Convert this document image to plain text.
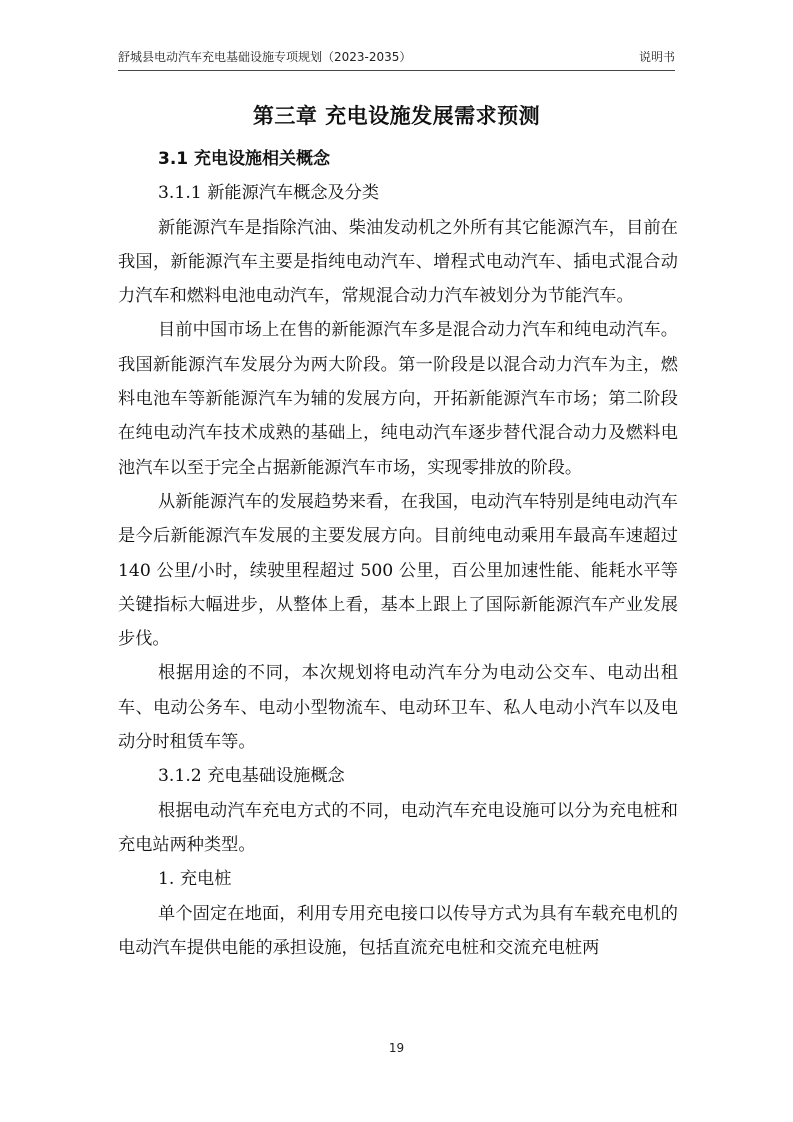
舒城县电动汽车充电基础设施专项规划（2023-2035）	说明书
第三章 充电设施发展需求预测

3.1 充电设施相关概念

3.1.1 新能源汽车概念及分类

新能源汽车是指除汽油、柴油发动机之外所有其它能源汽车，目前在我国，新能源汽车主要是指纯电动汽车、增程式电动汽车、插电式混合动力汽车和燃料电池电动汽车，常规混合动力汽车被划分为节能汽车。

目前中国市场上在售的新能源汽车多是混合动力汽车和纯电动汽车。我国新能源汽车发展分为两大阶段。第一阶段是以混合动力汽车为主，燃料电池车等新能源汽车为辅的发展方向，开拓新能源汽车市场；第二阶段在纯电动汽车技术成熟的基础上，纯电动汽车逐步替代混合动力及燃料电池汽车以至于完全占据新能源汽车市场，实现零排放的阶段。

从新能源汽车的发展趋势来看，在我国，电动汽车特别是纯电动汽车是今后新能源汽车发展的主要发展方向。目前纯电动乘用车最高车速超过 140 公里/小时，续驶里程超过 500 公里，百公里加速性能、能耗水平等关键指标大幅进步，从整体上看，基本上跟上了国际新能源汽车产业发展步伐。

根据用途的不同，本次规划将电动汽车分为电动公交车、电动出租车、电动公务车、电动小型物流车、电动环卫车、私人电动小汽车以及电动分时租赁车等。

3.1.2 充电基础设施概念

根据电动汽车充电方式的不同，电动汽车充电设施可以分为充电桩和充电站两种类型。

1. 充电桩

单个固定在地面，利用专用充电接口以传导方式为具有车载充电机的电动汽车提供电能的承担设施，包括直流充电桩和交流充电桩两

19
